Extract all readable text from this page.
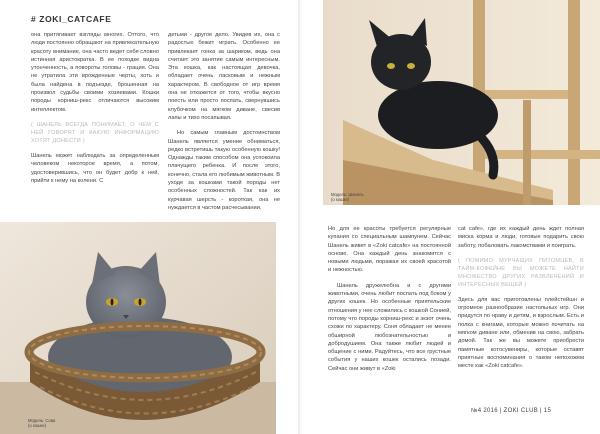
# ZOKI_CATCAFE

она притягивает взгляды многих. Оттого, что люди постоянно обращают на привлекательную красоту внимание, она часто ведет себя словно истинная аристократка. В ее походке видна утонченность, а повороты головы - грация. Она не утратила эти врожденные черты, хоть и была найдена в подъезде, брошенная на произвол судьбы своими хозяевами. Кошки породы корниш-рекс отличаются высоким интеллектом.

( ШАНЕЛЬ ВСЕГДА ПОНИМАЕТ, О ЧЕМ С НЕЙ ГОВОРЯТ И КАКУЮ ИНФОРМАЦИЮ ХОТЯТ ДОНЕСТИ )

Шанель может наблюдать за определенным человеком некоторое время, а потом, удостоверившись, что он будет добр к ней, прийти к нему на колени. С

детьми - другое дело. Увидев их, она с радостью бежит играть. Особенно ее привлекает гонка за шариком, ведь она считает это занятие самым интересным. Эта кошка, как настоящая девочка, обладает очень ласковым и нежным характером. В свободное от игр время она не откажется от того, чтобы вкусно поесть или просто поспать, свернувшись клубочком на мягком диване, свесив лапы и тихо посапывая.

Но самым главным достоинством Шанель является умение обниматься, редко встретишь такую особенную кошку! Однажды таким способом она успокоила плачущего ребенка. И после этого, конечно, стала его любимым животным. В уходе за кошками такой породы нет особенных сложностей. Так как их курчавая шерсть - короткая, она не нуждается в частом расчесывании.

Модель: Сова
(о кошке)
Модель: Шанель
(о кошке)

Но для ее красоты требуется регулярные купания со специальным шампунем. Сейчас Шанель живет в «Zoki catcafe» на постоянной основе. Она каждый день знакомится с новыми людьми, поражая их своей красотой и нежностью.

Шанель дружелюбна и с другими животными, очень любит поспать под боком у других кошек. Но особенные приятельские отношения у нее сложились с кошкой Сонией, потому что породы корниш-рекс и экзот очень схожи по характеру. Соня обладает не менее обширной любознательностью и добродушием. Она также любит людей и общение с ними. Радуйтесь, что все грустные события у наших кошек остались позади. Сейчас они живут в «Zoki

cat cafe», где их каждый день ждет полная миска корма и люди, готовые подарить свою заботу, побаловать лакомствами и поиграть.

( ПОМИМО МУРЧАЩИХ ПИТОМЦЕВ, В ТАЙМ-КОФЕЙНЕ ВЫ МОЖЕТЕ НАЙТИ МНОЖЕСТВО ДРУГИХ РАЗВЛЕЧЕНИЙ И ИНТЕРЕСНЫХ ВЕЩЕЙ )

Здесь для вас приготовлены плейстейшн и огромное разнообразие настольных игр. Они придутся по нраву и детям, и взрослым. Есть и полка с книгами, которые можно почитать на мягком диване или, обменив на свою, забрать домой. Так же вы можете приобрести памятные котосувениры, которые оставят приятные воспоминания о таком непохожем месте как «Zoki catcafe».

№4 2016 | ZOKI CLUB | 15
